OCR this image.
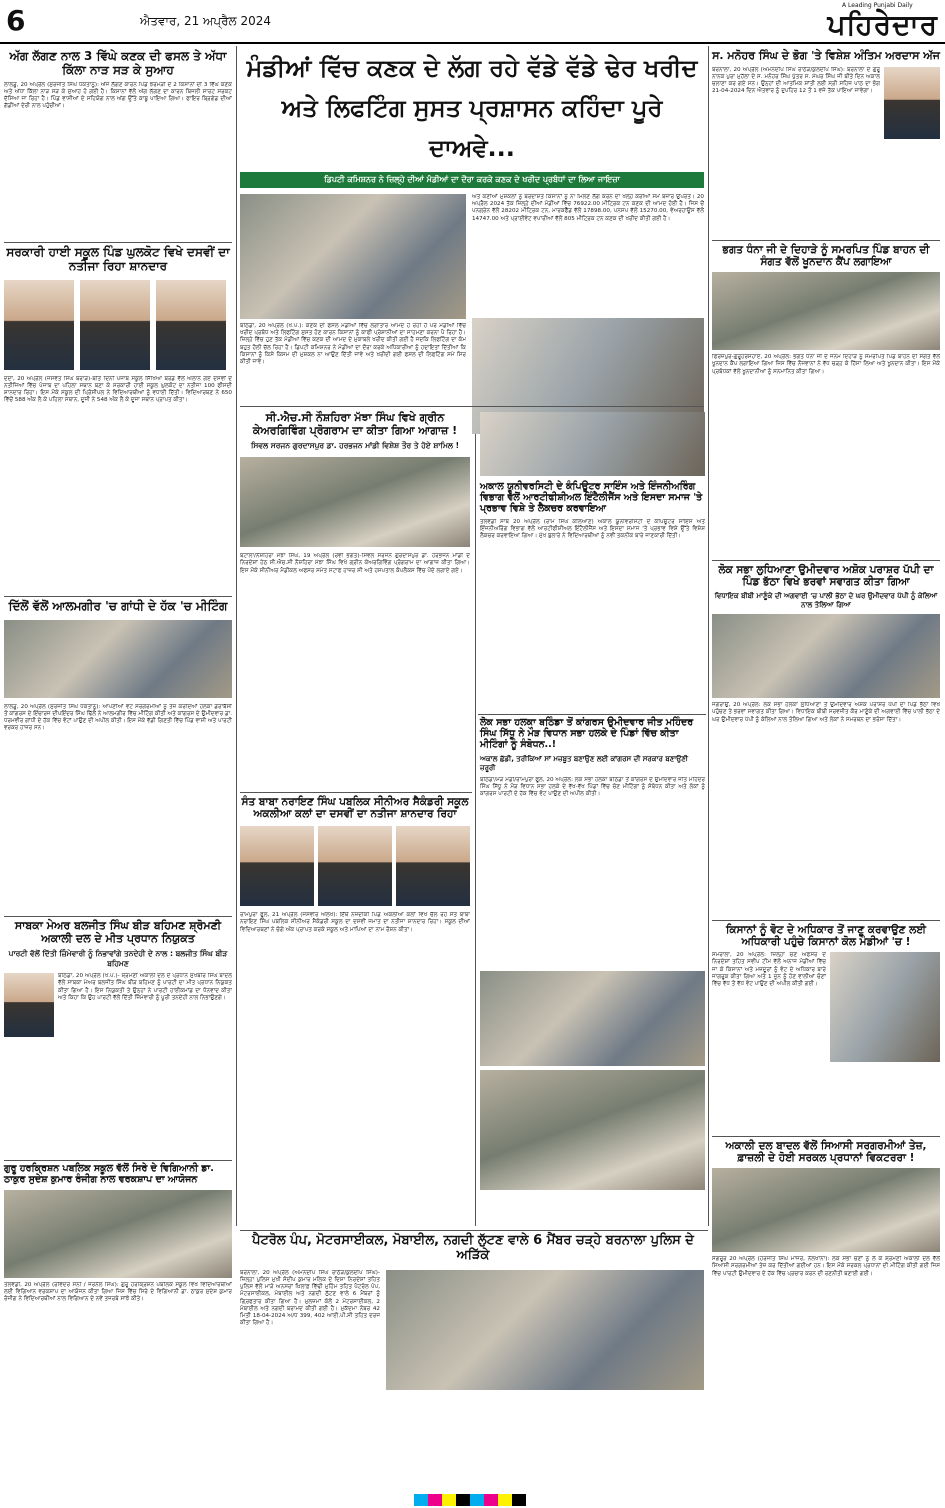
6	ਐਤਵਾਰ, 21 ਅਪ੍ਰੈਲ 2024
A Leading Punjabi Daily
ਪਹਿਰੇਦਾਰ
ਅੱਗ ਲੱਗਣ ਨਾਲ 3 ਵਿੱਘੇ ਕਣਕ ਦੀ ਫਸਲ ਤੇ ਅੱਧਾ ਕਿੱਲਾ ਨਾੜ ਸੜ ਕੇ ਸੁਆਹ
ਲਾਲੜੂ, 20 ਅਪ੍ਰੈਲ (ਸੁਰਜੀਤ ਸਿੰਘ ਧਕਤਾਨੂ): ਅੱਜ ਲੱਗਣ ਕਾਰਨ ਪਿੰਡ ਝਰਮੜੀ ਦੇ 2 ਕਿਸਾਨਾਂ ਦੀ 3 ਵਿੱਘੇ ਕਣਕ ਅਤੇ ਅੱਧਾ ਕਿੱਲਾ ਨਾੜ ਸੜ ਕੇ ਸੁਆਹ ਹੋ ਗਈ ਹੈ। ਕਿਸਾਨਾਂ ਵੱਲੋਂ ਅੱਗ ਲੱਗਣ ਦਾ ਕਾਰਨ ਬਿਜਲੀ ਸਾਰਟ ਸਰਕਟ ਦੱਸਿਆ ਜਾ ਰਿਹਾ ਹੈ। ਪਿੰਡ ਵਾਸੀਆਂ ਦੇ ਸਹਿਯੋਗ ਨਾਲ ਅੱਗ ਉੱਤੇ ਕਾਬੂ ਪਾਇਆ ਗਿਆ। ਫਾਇਰ ਬ੍ਰਿਗੇਡ ਦੀਆਂ ਗੱਡੀਆਂ ਦੇਰੀ ਨਾਲ ਪਹੁੰਚੀਆਂ।
ਸਰਕਾਰੀ ਹਾਈ ਸਕੂਲ ਪਿੰਡ ਘੁਲਕੋਟ ਵਿਖੇ ਦਸਵੀਂ ਦਾ ਨਤੀਜਾ ਰਿਹਾ ਸ਼ਾਨਦਾਰ
ਦੋਦਾ, 20 ਅਪ੍ਰੈਲ (ਜਸਵੰਤ ਸਿੰਘ ਬਰਾੜ)-ਬੀਤੇ ਦਿਨੀਂ ਪੰਜਾਬ ਸਕੂਲ ਸਿੱਖਿਆ ਬੋਰਡ ਵੱਲੋਂ ਐਲਾਨੇ ਗਏ ਦਸਵੀਂ ਦੇ ਨਤੀਜਿਆਂ ਵਿੱਚ ਪੰਜਾਬ ਦਾ ਪਹਿਲਾ ਸਥਾਨ ਬਣਾ ਕੇ ਸਰਕਾਰੀ ਹਾਈ ਸਕੂਲ ਘੁਲਕੋਟ ਦਾ ਨਤੀਜਾ 100 ਫੀਸਦੀ ਸ਼ਾਨਦਾਰ ਰਿਹਾ। ਇਸ ਮੌਕੇ ਸਕੂਲ ਦੀ ਪ੍ਰਿੰਸੀਪਲ ਨੇ ਵਿਦਿਆਰਥੀਆਂ ਨੂੰ ਵਧਾਈ ਦਿੱਤੀ। ਵਿਦਿਆਰਥਣ ਨੇ 650 ਵਿੱਚੋਂ 588 ਅੰਕ ਲੈ ਕੇ ਪਹਿਲਾ ਸਥਾਨ, ਦੂਜੀ ਨੇ 548 ਅੰਕ ਲੈ ਕੇ ਦੂਜਾ ਸਥਾਨ ਪ੍ਰਾਪਤ ਕੀਤਾ।
ਦਿੱਲੋਂ ਵੱਲੋਂ ਆਲਮਗੀਰ 'ਚ ਗਾਂਧੀ ਦੇ ਹੱਕ 'ਚ ਮੀਟਿੰਗ
ਲਾਲੜੂ, 20 ਅਪ੍ਰੈਲ (ਸੁਰਜੀਤ ਸਿੰਘ ਧਕਤਾਨੂ): ਆਪਣੀਆਂ ਵੋਟ ਸਰਗਰਮੀਆਂ ਨੂੰ ਤੇਜ਼ ਕਰਦਿਆਂ ਹਲਕਾ ਡੇਰਾਬੱਸੀ ਤੋਂ ਕਾਂਗਰਸ ਦੇ ਇੰਚਾਰਜ ਦੀਪਇੰਦਰ ਸਿੰਘ ਢਿੱਲੋਂ ਨੇ ਆਲਮਗੀਰ ਵਿੱਚ ਮੀਟਿੰਗ ਕੀਤੀ ਅਤੇ ਕਾਂਗਰਸ ਦੇ ਉਮੀਦਵਾਰ ਡਾ. ਧਰਮਵੀਰ ਗਾਂਧੀ ਦੇ ਹੱਕ ਵਿੱਚ ਵੋਟਾਂ ਪਾਉਣ ਦੀ ਅਪੀਲ ਕੀਤੀ। ਇਸ ਮੌਕੇ ਵੱਡੀ ਗਿਣਤੀ ਵਿੱਚ ਪਿੰਡ ਵਾਸੀ ਅਤੇ ਪਾਰਟੀ ਵਰਕਰ ਹਾਜ਼ਰ ਸਨ।
ਸਾਬਕਾ ਮੇਅਰ ਬਲਜੀਤ ਸਿੰਘ ਬੀੜ ਬਹਿਮਣ ਸ਼੍ਰੋਮਣੀ ਅਕਾਲੀ ਦਲ ਦੇ ਮੀਤ ਪ੍ਰਧਾਨ ਨਿਯੁਕਤ
ਪਾਰਟੀ ਵੱਲੋਂ ਦਿੱਤੀ ਜ਼ਿੰਮੇਵਾਰੀ ਨੂੰ ਨਿਭਾਵਾਂਗੇ ਤਨਦੇਹੀ ਦੇ ਨਾਲ : ਬਲਜੀਤ ਸਿੰਘ ਬੀੜ ਬਹਿਮਣ
ਬਠਿੰਡਾ, 20 ਅਪ੍ਰੈਲ (ਖ.ਪ.)- ਸ਼੍ਰੋਮਣੀ ਅਕਾਲੀ ਦਲ ਦੇ ਪ੍ਰਧਾਨ ਸੁਖਬੀਰ ਸਿੰਘ ਬਾਦਲ ਵੱਲੋਂ ਸਾਬਕਾ ਮੇਅਰ ਬਲਜੀਤ ਸਿੰਘ ਬੀੜ ਬਹਿਮਣ ਨੂੰ ਪਾਰਟੀ ਦਾ ਮੀਤ ਪ੍ਰਧਾਨ ਨਿਯੁਕਤ ਕੀਤਾ ਗਿਆ ਹੈ। ਇਸ ਨਿਯੁਕਤੀ ਤੇ ਉਨ੍ਹਾਂ ਨੇ ਪਾਰਟੀ ਹਾਈਕਮਾਂਡ ਦਾ ਧੰਨਵਾਦ ਕੀਤਾ ਅਤੇ ਕਿਹਾ ਕਿ ਉਹ ਪਾਰਟੀ ਵੱਲੋਂ ਦਿੱਤੀ ਜ਼ਿੰਮੇਵਾਰੀ ਨੂੰ ਪੂਰੀ ਤਨਦੇਹੀ ਨਾਲ ਨਿਭਾਉਣਗੇ।
ਗੁਰੂ ਹਰਕ੍ਰਿਸ਼ਨ ਪਬਲਿਕ ਸਕੂਲ ਵੱਲੋਂ ਸਿਰੇ ਦੇ ਵਿਗਿਆਨੀ ਡਾ. ਠਾਕੁਰ ਸੁਦੇਸ਼ ਕੁਮਾਰ ਰੰਜੀਗ ਨਾਲ ਵਰਕਸ਼ਾਪ ਦਾ ਆਯੋਜਨ
ਤਲਵੰਡੀ, 20 ਅਪ੍ਰੈਲ (ਰਵਿੰਦਰ ਸੋਨੀ / ਜਰਨੈਲ ਸਿੰਘ): ਗੁਰੂ ਹਰਕ੍ਰਿਸ਼ਨ ਪਬਲਿਕ ਸਕੂਲ ਵਿਖੇ ਵਿਦਿਆਰਥੀਆਂ ਲਈ ਵਿਗਿਆਨ ਵਰਕਸ਼ਾਪ ਦਾ ਆਯੋਜਨ ਕੀਤਾ ਗਿਆ ਜਿਸ ਵਿੱਚ ਸਿਰੇ ਦੇ ਵਿਗਿਆਨੀ ਡਾ. ਠਾਕੁਰ ਸੁਦੇਸ਼ ਕੁਮਾਰ ਰੰਜੀਗ ਨੇ ਵਿਦਿਆਰਥੀਆਂ ਨਾਲ ਵਿਗਿਆਨ ਦੇ ਨਵੇਂ ਤਜਰਬੇ ਸਾਂਝੇ ਕੀਤੇ।
ਮੰਡੀਆਂ ਵਿੱਚ ਕਣਕ ਦੇ ਲੱਗ ਰਹੇ ਵੱਡੇ ਵੱਡੇ ਢੇਰ ਖਰੀਦ
ਅਤੇ ਲਿਫਟਿੰਗ ਸੁਸਤ ਪ੍ਰਸ਼ਾਸਨ ਕਹਿੰਦਾ ਪੂਰੇ ਦਾਅਵੇ...
ਡਿਪਟੀ ਕਮਿਸ਼ਨਰ ਨੇ ਜ਼ਿਲ੍ਹੇ ਦੀਆਂ ਮੰਡੀਆਂ ਦਾ ਦੌਰਾ ਕਰਕੇ ਕਣਕ ਦੇ ਖਰੀਦ ਪ੍ਰਬੰਧਾਂ ਦਾ ਲਿਆ ਜਾਇਜ਼ਾ
ਬਠਿੰਡਾ, 20 ਅਪ੍ਰੈਲ (ਖ.ਪ.): ਕਣਕ ਦੀ ਫਸਲ ਮੰਡੀਆਂ ਵਿੱਚ ਲਗਾਤਾਰ ਆਮਦ ਹੋ ਰਹੀ ਹੈ ਪਰ ਮੰਡੀਆਂ ਵਿੱਚ ਖਰੀਦ ਪ੍ਰਬੰਧ ਅਤੇ ਲਿਫਟਿੰਗ ਸੁਸਤ ਹੋਣ ਕਾਰਨ ਕਿਸਾਨਾਂ ਨੂੰ ਕਾਫੀ ਪ੍ਰੇਸ਼ਾਨੀਆਂ ਦਾ ਸਾਹਮਣਾ ਕਰਨਾ ਪੈ ਰਿਹਾ ਹੈ। ਜ਼ਿਲ੍ਹੇ ਵਿੱਚ ਹੁਣ ਤੱਕ ਮੰਡੀਆਂ ਵਿੱਚ ਕਣਕ ਦੀ ਆਮਦ ਦੇ ਮੁਕਾਬਲੇ ਖਰੀਦ ਕੀਤੀ ਗਈ ਹੈ ਜਦਕਿ ਲਿਫਟਿੰਗ ਦਾ ਕੰਮ ਬਹੁਤ ਹੌਲੀ ਚੱਲ ਰਿਹਾ ਹੈ। ਡਿਪਟੀ ਕਮਿਸ਼ਨਰ ਨੇ ਮੰਡੀਆਂ ਦਾ ਦੌਰਾ ਕਰਕੇ ਅਧਿਕਾਰੀਆਂ ਨੂੰ ਹਦਾਇਤਾਂ ਦਿੱਤੀਆਂ ਕਿ ਕਿਸਾਨਾਂ ਨੂੰ ਕਿਸੇ ਕਿਸਮ ਦੀ ਮੁਸ਼ਕਲ ਨਾ ਆਉਣ ਦਿੱਤੀ ਜਾਵੇ ਅਤੇ ਖਰੀਦੀ ਗਈ ਫਸਲ ਦੀ ਲਿਫਟਿੰਗ ਸਮੇਂ ਸਿਰ ਕੀਤੀ ਜਾਵੇ।
ਅਤੇ ਕਣੀਆਂ ਮੁਸ਼ਕਲਾਂ ਨੂੰ ਬਰਦਾਸ਼ਤ ਕਿਸਾਨਾਂ ਨੂੰ ਨਾ ਮਿਲਣ ਲੱਗ ਕਰਨ ਦਾ ਖੋਲ੍ਹ ਕਰੀਆਂ ਸਮੇਂ ਬਜ਼ਾਰ ਉਪਰੰਤ। 20 ਅਪ੍ਰੈਲ 2024 ਤੱਕ ਜ਼ਿਲ੍ਹੇ ਦੀਆਂ ਮੰਡੀਆਂ ਵਿੱਚ 76922.00 ਮੀਟ੍ਰਿਕ ਟਨ ਕਣਕ ਦੀ ਆਮਦ ਹੋਈ ਹੈ। ਜਿਸ ਚੋਂ ਪਨਗ੍ਰੇਨ ਵੱਲੋਂ 28202 ਮੀਟ੍ਰਿਕ ਟਨ, ਮਾਰਕਫੈੱਡ ਵੱਲੋਂ 17898.00, ਪਨਸਪ ਵੱਲੋਂ 15270.00, ਵੇਅਰਹਾਊਸ ਵੱਲੋਂ 14747.00 ਅਤੇ ਪ੍ਰਾਈਵੇਟ ਵਪਾਰੀਆਂ ਵੱਲੋਂ 805 ਮੀਟ੍ਰਿਕ ਟਨ ਕਣਕ ਦੀ ਖਰੀਦ ਕੀਤੀ ਗਈ ਹੈ।
ਸੀ.ਐਚ.ਸੀ ਨੌਸ਼ਹਿਰਾ ਮੱਝਾ ਸਿੰਘ ਵਿਖੇ ਗ੍ਰੀਨ ਕੇਅਰਗਿਵਿੰਗ ਪ੍ਰੋਗਰਾਮ ਦਾ ਕੀਤਾ ਗਿਆ ਆਗਾਜ਼ !
ਸਿਵਲ ਸਰਜਨ ਗੁਰਦਾਸਪੁਰ ਡਾ. ਹਰਭਜਨ ਮਾਂਡੀ ਵਿਸ਼ੇਸ਼ ਤੌਰ ਤੇ ਹੋਏ ਸ਼ਾਮਿਲ !
ਬਟਾਲਾ/ਨੌਸ਼ਹਿਰਾ ਮੱਝਾ ਸਿੰਘ, 19 ਅਪ੍ਰੈਲ (ਰਵੀ ਭਗਤ)-ਸਿਵਲ ਸਰਜਨ ਗੁਰਦਾਸਪੁਰ ਡਾ. ਹਰਭਜਨ ਮਾਂਡੀ ਦੇ ਨਿਰਦੇਸ਼ਾਂ ਹੇਠ ਸੀ.ਐਚ.ਸੀ ਨੌਸ਼ਹਿਰਾ ਮੱਝਾ ਸਿੰਘ ਵਿਖੇ ਗ੍ਰੀਨ ਕੇਅਰਗਿਵਿੰਗ ਪ੍ਰੋਗਰਾਮ ਦਾ ਆਗਾਜ਼ ਕੀਤਾ ਗਿਆ। ਇਸ ਮੌਕੇ ਸੀਨੀਅਰ ਮੈਡੀਕਲ ਅਫਸਰ ਸਮੇਤ ਸਟਾਫ ਹਾਜ਼ਰ ਸੀ ਅਤੇ ਹਸਪਤਾਲ ਕੰਪਲੈਕਸ ਵਿੱਚ ਪੌਦੇ ਲਗਾਏ ਗਏ।
ਸੰਤ ਬਾਬਾ ਨਰਾਇਣ ਸਿੰਘ ਪਬਲਿਕ ਸੀਨੀਅਰ ਸੈਕੰਡਰੀ ਸਕੂਲ ਅਕਲੀਆ ਕਲਾਂ ਦਾ ਦਸਵੀਂ ਦਾ ਨਤੀਜਾ ਸ਼ਾਨਦਾਰ ਰਿਹਾ
ਰਾਮਪੁਰਾ ਫੂਲ, 21 ਅਪ੍ਰੈਲ (ਜਸਵੀਰ ਔਲਖ): ਇੱਥੋਂ ਨਜ਼ਦੀਕੀ ਪਿੰਡ ਅਕਲੀਆ ਕਲਾਂ ਵਿਖੇ ਚੱਲ ਰਹੇ ਸੰਤ ਬਾਬਾ ਨਰਾਇਣ ਸਿੰਘ ਪਬਲਿਕ ਸੀਨੀਅਰ ਸੈਕੰਡਰੀ ਸਕੂਲ ਦਾ ਦਸਵੀਂ ਜਮਾਤ ਦਾ ਨਤੀਜਾ ਸ਼ਾਨਦਾਰ ਰਿਹਾ। ਸਕੂਲ ਦੀਆਂ ਵਿਦਿਆਰਥਣਾਂ ਨੇ ਚੰਗੇ ਅੰਕ ਪ੍ਰਾਪਤ ਕਰਕੇ ਸਕੂਲ ਅਤੇ ਮਾਪਿਆਂ ਦਾ ਨਾਮ ਰੌਸ਼ਨ ਕੀਤਾ।
ਅਕਾਲ ਯੂਨੀਵਰਸਿਟੀ ਦੇ ਕੰਪਿਊਟਰ ਸਾਇੰਸ ਅਤੇ ਇੰਜਨੀਅਰਿੰਗ ਵਿਭਾਗ ਵੱਲੋਂ ਆਰਟੀਫੀਸ਼ੀਅਲ ਇੰਟੈਲੀਜੈਂਸ ਅਤੇ ਇਸਦਾ ਸਮਾਜ 'ਤੇ ਪ੍ਰਭਾਵ ਵਿਸ਼ੇ ਤੇ ਲੈਕਚਰ ਕਰਵਾਇਆ
ਤਲਵੰਡੀ ਸਾਬੋ 20 ਅਪ੍ਰੈਲ (ਰਾਮ ਸਿੰਘ ਕਲਿਆਣ) ਅਕਾਲ ਯੂਨੀਵਰਸਿਟੀ ਦੇ ਕੰਪਿਊਟਰ ਸਾਇੰਸ ਅਤੇ ਇੰਜਨੀਅਰਿੰਗ ਵਿਭਾਗ ਵੱਲੋਂ ਆਰਟੀਫੀਸ਼ੀਅਲ ਇੰਟੈਲੀਜੈਂਸ ਅਤੇ ਇਸਦਾ ਸਮਾਜ 'ਤੇ ਪ੍ਰਭਾਵ ਵਿਸ਼ੇ ਉੱਤੇ ਵਿਸ਼ੇਸ਼ ਲੈਕਚਰ ਕਰਵਾਇਆ ਗਿਆ। ਮੁੱਖ ਬੁਲਾਰੇ ਨੇ ਵਿਦਿਆਰਥੀਆਂ ਨੂੰ ਨਵੀਂ ਤਕਨੀਕ ਬਾਰੇ ਜਾਣਕਾਰੀ ਦਿੱਤੀ।
ਲੋਕ ਸਭਾ ਹਲਕਾ ਬਠਿੰਡਾ ਤੋਂ ਕਾਂਗਰਸ ਉਮੀਦਵਾਰ ਜੀਤ ਮਹਿੰਦਰ ਸਿੰਘ ਸਿੱਧੂ ਨੇ ਮੌੜ ਵਿਧਾਨ ਸਭਾ ਹਲਕੇ ਦੇ ਪਿੰਡਾਂ ਵਿੱਚ ਕੀਤਾ ਮੀਟਿੰਗਾਂ ਨੂੰ ਸੰਬੋਧਨ..!
ਅਕਾਲ ਛੱਡੀ, ਤਰੀਕਿਆਂ ਸਾਂ ਮਜ਼ਬੂਤ ਬਣਾਉਣ ਲਈ ਕਾਂਗਰਸ ਦੀ ਸਰਕਾਰ ਬਣਾਉਣੀ ਜ਼ਰੂਰੀ
ਬਠਿੰਡਾ/ਮੌੜ ਮੰਡੀ/ਰਾਮਪੁਰਾ ਫੂਲ, 20 ਅਪ੍ਰੈਲ: ਲੋਕ ਸਭਾ ਹਲਕਾ ਬਠਿੰਡਾ ਤੋਂ ਕਾਂਗਰਸ ਦੇ ਉਮੀਦਵਾਰ ਜੀਤ ਮਹਿੰਦਰ ਸਿੰਘ ਸਿੱਧੂ ਨੇ ਮੌੜ ਵਿਧਾਨ ਸਭਾ ਹਲਕੇ ਦੇ ਵੱਖ-ਵੱਖ ਪਿੰਡਾਂ ਵਿੱਚ ਚੋਣ ਮੀਟਿੰਗਾਂ ਨੂੰ ਸੰਬੋਧਨ ਕੀਤਾ ਅਤੇ ਲੋਕਾਂ ਨੂੰ ਕਾਂਗਰਸ ਪਾਰਟੀ ਦੇ ਹੱਕ ਵਿੱਚ ਵੋਟ ਪਾਉਣ ਦੀ ਅਪੀਲ ਕੀਤੀ।
ਸ. ਮਨੋਹਰ ਸਿੰਘ ਦੇ ਭੋਗ 'ਤੇ ਵਿਸ਼ੇਸ਼ ਅੰਤਿਮ ਅਰਦਾਸ ਅੱਜ
ਬਰਨਾਲਾ, 20 ਅਪ੍ਰੈਲ (ਅਮਨਦੀਪ ਸਿੰਘ ਰਾਠੌੜ/ਕੁਲਦੀਪ ਸਿੰਘ): ਬਰਨਾਲਾ ਦੇ ਗੁਰੂ ਨਾਨਕ ਪੁਰਾ ਮੁਹੱਲਾ ਦੇ ਸ. ਮਨੋਹਰ ਸਿੰਘ ਪੁੱਤਰ ਸ. ਮੱਘਰ ਸਿੰਘ ਜੀ ਬੀਤੇ ਦਿਨ ਅਕਾਲ ਚਲਾਣਾ ਕਰ ਗਏ ਸਨ। ਉਨ੍ਹਾਂ ਦੀ ਆਤਮਿਕ ਸ਼ਾਂਤੀ ਲਈ ਸ੍ਰੀ ਸਹਿਜ ਪਾਠ ਦਾ ਭੋਗ 21-04-2024 ਦਿਨ ਐਤਵਾਰ ਨੂੰ ਦੁਪਹਿਰ 12 ਤੋਂ 1 ਵਜੇ ਤੱਕ ਪਾਇਆ ਜਾਵੇਗਾ।
ਭਗਤ ਧੰਨਾ ਜੀ ਦੇ ਦਿਹਾੜੇ ਨੂੰ ਸਮਰਪਿਤ ਪਿੰਡ ਬਾਹਨ ਦੀ ਸੰਗਤ ਵੱਲੋਂ ਖੂਨਦਾਨ ਕੈਂਪ ਲਗਾਇਆ
ਫਿਰੋਜ਼ਪੁਰ-ਗੁਰੂਹਰਸਹਾਏ, 20 ਅਪ੍ਰੈਲ: ਭਗਤ ਧੰਨਾ ਜੀ ਦੇ ਜਨਮ ਦਿਹਾੜੇ ਨੂੰ ਸਮਰਪਿਤ ਪਿੰਡ ਬਾਹਨ ਦੀ ਸੰਗਤ ਵੱਲੋਂ ਖੂਨਦਾਨ ਕੈਂਪ ਲਗਾਇਆ ਗਿਆ ਜਿਸ ਵਿੱਚ ਨੌਜਵਾਨਾਂ ਨੇ ਵੱਧ ਚੜ੍ਹ ਕੇ ਹਿੱਸਾ ਲਿਆ ਅਤੇ ਖੂਨਦਾਨ ਕੀਤਾ। ਇਸ ਮੌਕੇ ਪ੍ਰਬੰਧਕਾਂ ਵੱਲੋਂ ਖੂਨਦਾਨੀਆਂ ਨੂੰ ਸਨਮਾਨਿਤ ਕੀਤਾ ਗਿਆ।
ਲੋਕ ਸਭਾ ਲੁਧਿਆਣਾ ਉਮੀਦਵਾਰ ਅਸ਼ੋਕ ਪਰਾਸ਼ਰ ਪੱਪੀ ਦਾ ਪਿੰਡ ਭੱਠਾ ਵਿਖੇ ਭਰਵਾਂ ਸਵਾਗਤ ਕੀਤਾ ਗਿਆ
ਵਿਧਾਇਕ ਬੀਬੀ ਮਾਣੂੰਕੇ ਦੀ ਅਗਵਾਈ 'ਚ ਪਾਲੀ ਭੱਠਾ ਦੇ ਘਰ ਉਮੀਦਵਾਰ ਪੱਪੀ ਨੂੰ ਕੇਲਿਆਂ ਨਾਲ ਤੋਲਿਆ ਗਿਆ
ਜਗਰਾਉਂ, 20 ਅਪ੍ਰੈਲ: ਲੋਕ ਸਭਾ ਹਲਕਾ ਲੁਧਿਆਣਾ ਤੋਂ ਉਮੀਦਵਾਰ ਅਸ਼ੋਕ ਪਰਾਸ਼ਰ ਪੱਪੀ ਦਾ ਪਿੰਡ ਭੱਠਾ ਵਿਖੇ ਪਹੁੰਚਣ ਤੇ ਭਰਵਾਂ ਸਵਾਗਤ ਕੀਤਾ ਗਿਆ। ਵਿਧਾਇਕ ਬੀਬੀ ਸਰਵਜੀਤ ਕੌਰ ਮਾਣੂੰਕੇ ਦੀ ਅਗਵਾਈ ਵਿੱਚ ਪਾਲੀ ਭੱਠਾ ਦੇ ਘਰ ਉਮੀਦਵਾਰ ਪੱਪੀ ਨੂੰ ਕੇਲਿਆਂ ਨਾਲ ਤੋਲਿਆ ਗਿਆ ਅਤੇ ਲੋਕਾਂ ਨੇ ਸਮਰਥਨ ਦਾ ਭਰੋਸਾ ਦਿੱਤਾ।
ਕਿਸਾਨਾਂ ਨੂੰ ਵੋਟ ਦੇ ਅਧਿਕਾਰ ਤੋਂ ਜਾਣੂ ਕਰਵਾਉਣ ਲਈ ਅਧਿਕਾਰੀ ਪਹੁੰਚੇ ਕਿਸਾਨਾਂ ਕੋਲ ਮੰਡੀਆਂ 'ਚ !
ਸਮਰਾਲਾ, 20 ਅਪ੍ਰੈਲ: ਜ਼ਿਲ੍ਹਾ ਚੋਣ ਅਫਸਰ ਦੇ ਨਿਰਦੇਸ਼ਾਂ ਤਹਿਤ ਸਵੀਪ ਟੀਮ ਵੱਲੋਂ ਅਨਾਜ ਮੰਡੀਆਂ ਵਿੱਚ ਜਾ ਕੇ ਕਿਸਾਨਾਂ ਅਤੇ ਮਜ਼ਦੂਰਾਂ ਨੂੰ ਵੋਟ ਦੇ ਅਧਿਕਾਰ ਬਾਰੇ ਜਾਗਰੂਕ ਕੀਤਾ ਗਿਆ ਅਤੇ 1 ਜੂਨ ਨੂੰ ਹੋਣ ਵਾਲੀਆਂ ਚੋਣਾਂ ਵਿੱਚ ਵੱਧ ਤੋਂ ਵੱਧ ਵੋਟ ਪਾਉਣ ਦੀ ਅਪੀਲ ਕੀਤੀ ਗਈ।
ਅਕਾਲੀ ਦਲ ਬਾਦਲ ਵੱਲੋਂ ਸਿਆਸੀ ਸਰਗਰਮੀਆਂ ਤੇਜ਼, ਫ਼ਾਜ਼ਲੀ ਦੇ ਹੋਈ ਸਰਕਲ ਪ੍ਰਧਾਨਾਂ ਵਿਕਟਰਰਾ !
ਸੰਗਰੂਰ 20 ਅਪ੍ਰੈਲ (ਹਰਜੀਤ ਸਿੰਘ ਮਾਜਰੇ, ਨੌਲਖਾਨਾ): ਲੋਕ ਸਭਾ ਚੋਣਾਂ ਨੂੰ ਲੈ ਕੇ ਸ਼੍ਰੋਮਣੀ ਅਕਾਲੀ ਦਲ ਵੱਲੋਂ ਸਿਆਸੀ ਸਰਗਰਮੀਆਂ ਤੇਜ਼ ਕਰ ਦਿੱਤੀਆਂ ਗਈਆਂ ਹਨ। ਇਸ ਮੌਕੇ ਸਰਕਲ ਪ੍ਰਧਾਨਾਂ ਦੀ ਮੀਟਿੰਗ ਕੀਤੀ ਗਈ ਜਿਸ ਵਿੱਚ ਪਾਰਟੀ ਉਮੀਦਵਾਰ ਦੇ ਹੱਕ ਵਿੱਚ ਪ੍ਰਚਾਰ ਕਰਨ ਦੀ ਰਣਨੀਤੀ ਬਣਾਈ ਗਈ।
ਪੈਟਰੋਲ ਪੰਪ, ਮੋਟਰਸਾਈਕਲ, ਮੋਬਾਈਲ, ਨਗਦੀ ਲੁੱਟਣ ਵਾਲੇ 6 ਮੈਂਬਰ ਚੜ੍ਹੇ ਬਰਨਾਲਾ ਪੁਲਿਸ ਦੇ ਅੜਿੱਕੇ
ਬਰਨਾਲਾ, 20 ਅਪ੍ਰੈਲ (ਅਮਨਦੀਪ ਸਿੰਘ ਰਾਠੌੜ/ਕੁਲਦੀਪ ਸਿੰਘ)- ਜ਼ਿਲ੍ਹਾ ਪੁਲਿਸ ਮੁਖੀ ਸੰਦੀਪ ਕੁਮਾਰ ਮਲਿਕ ਦੇ ਦਿਸ਼ਾ ਨਿਰਦੇਸ਼ਾਂ ਤਹਿਤ ਪੁਲਿਸ ਵੱਲੋਂ ਮਾੜੇ ਅਨਸਰਾਂ ਖ਼ਿਲਾਫ਼ ਵਿੱਢੀ ਮੁਹਿੰਮ ਤਹਿਤ ਪੈਟਰੋਲ ਪੰਪ, ਮੋਟਰਸਾਈਕਲ, ਮੋਬਾਈਲ ਅਤੇ ਨਗਦੀ ਲੁੱਟਣ ਵਾਲੇ 6 ਮੈਂਬਰਾਂ ਨੂੰ ਗ੍ਰਿਫਤਾਰ ਕੀਤਾ ਗਿਆ ਹੈ। ਮੁਲਜ਼ਮਾਂ ਕੋਲੋਂ 2 ਮੋਟਰਸਾਈਕਲ, 2 ਮੋਬਾਈਲ ਅਤੇ ਨਗਦੀ ਬਰਾਮਦ ਕੀਤੀ ਗਈ ਹੈ। ਮੁਕੱਦਮਾ ਨੰਬਰ 42 ਮਿਤੀ 18-04-2024 ਅ/ਧ 399, 402 ਆਈ.ਪੀ.ਸੀ ਤਹਿਤ ਦਰਜ ਕੀਤਾ ਗਿਆ ਹੈ।
